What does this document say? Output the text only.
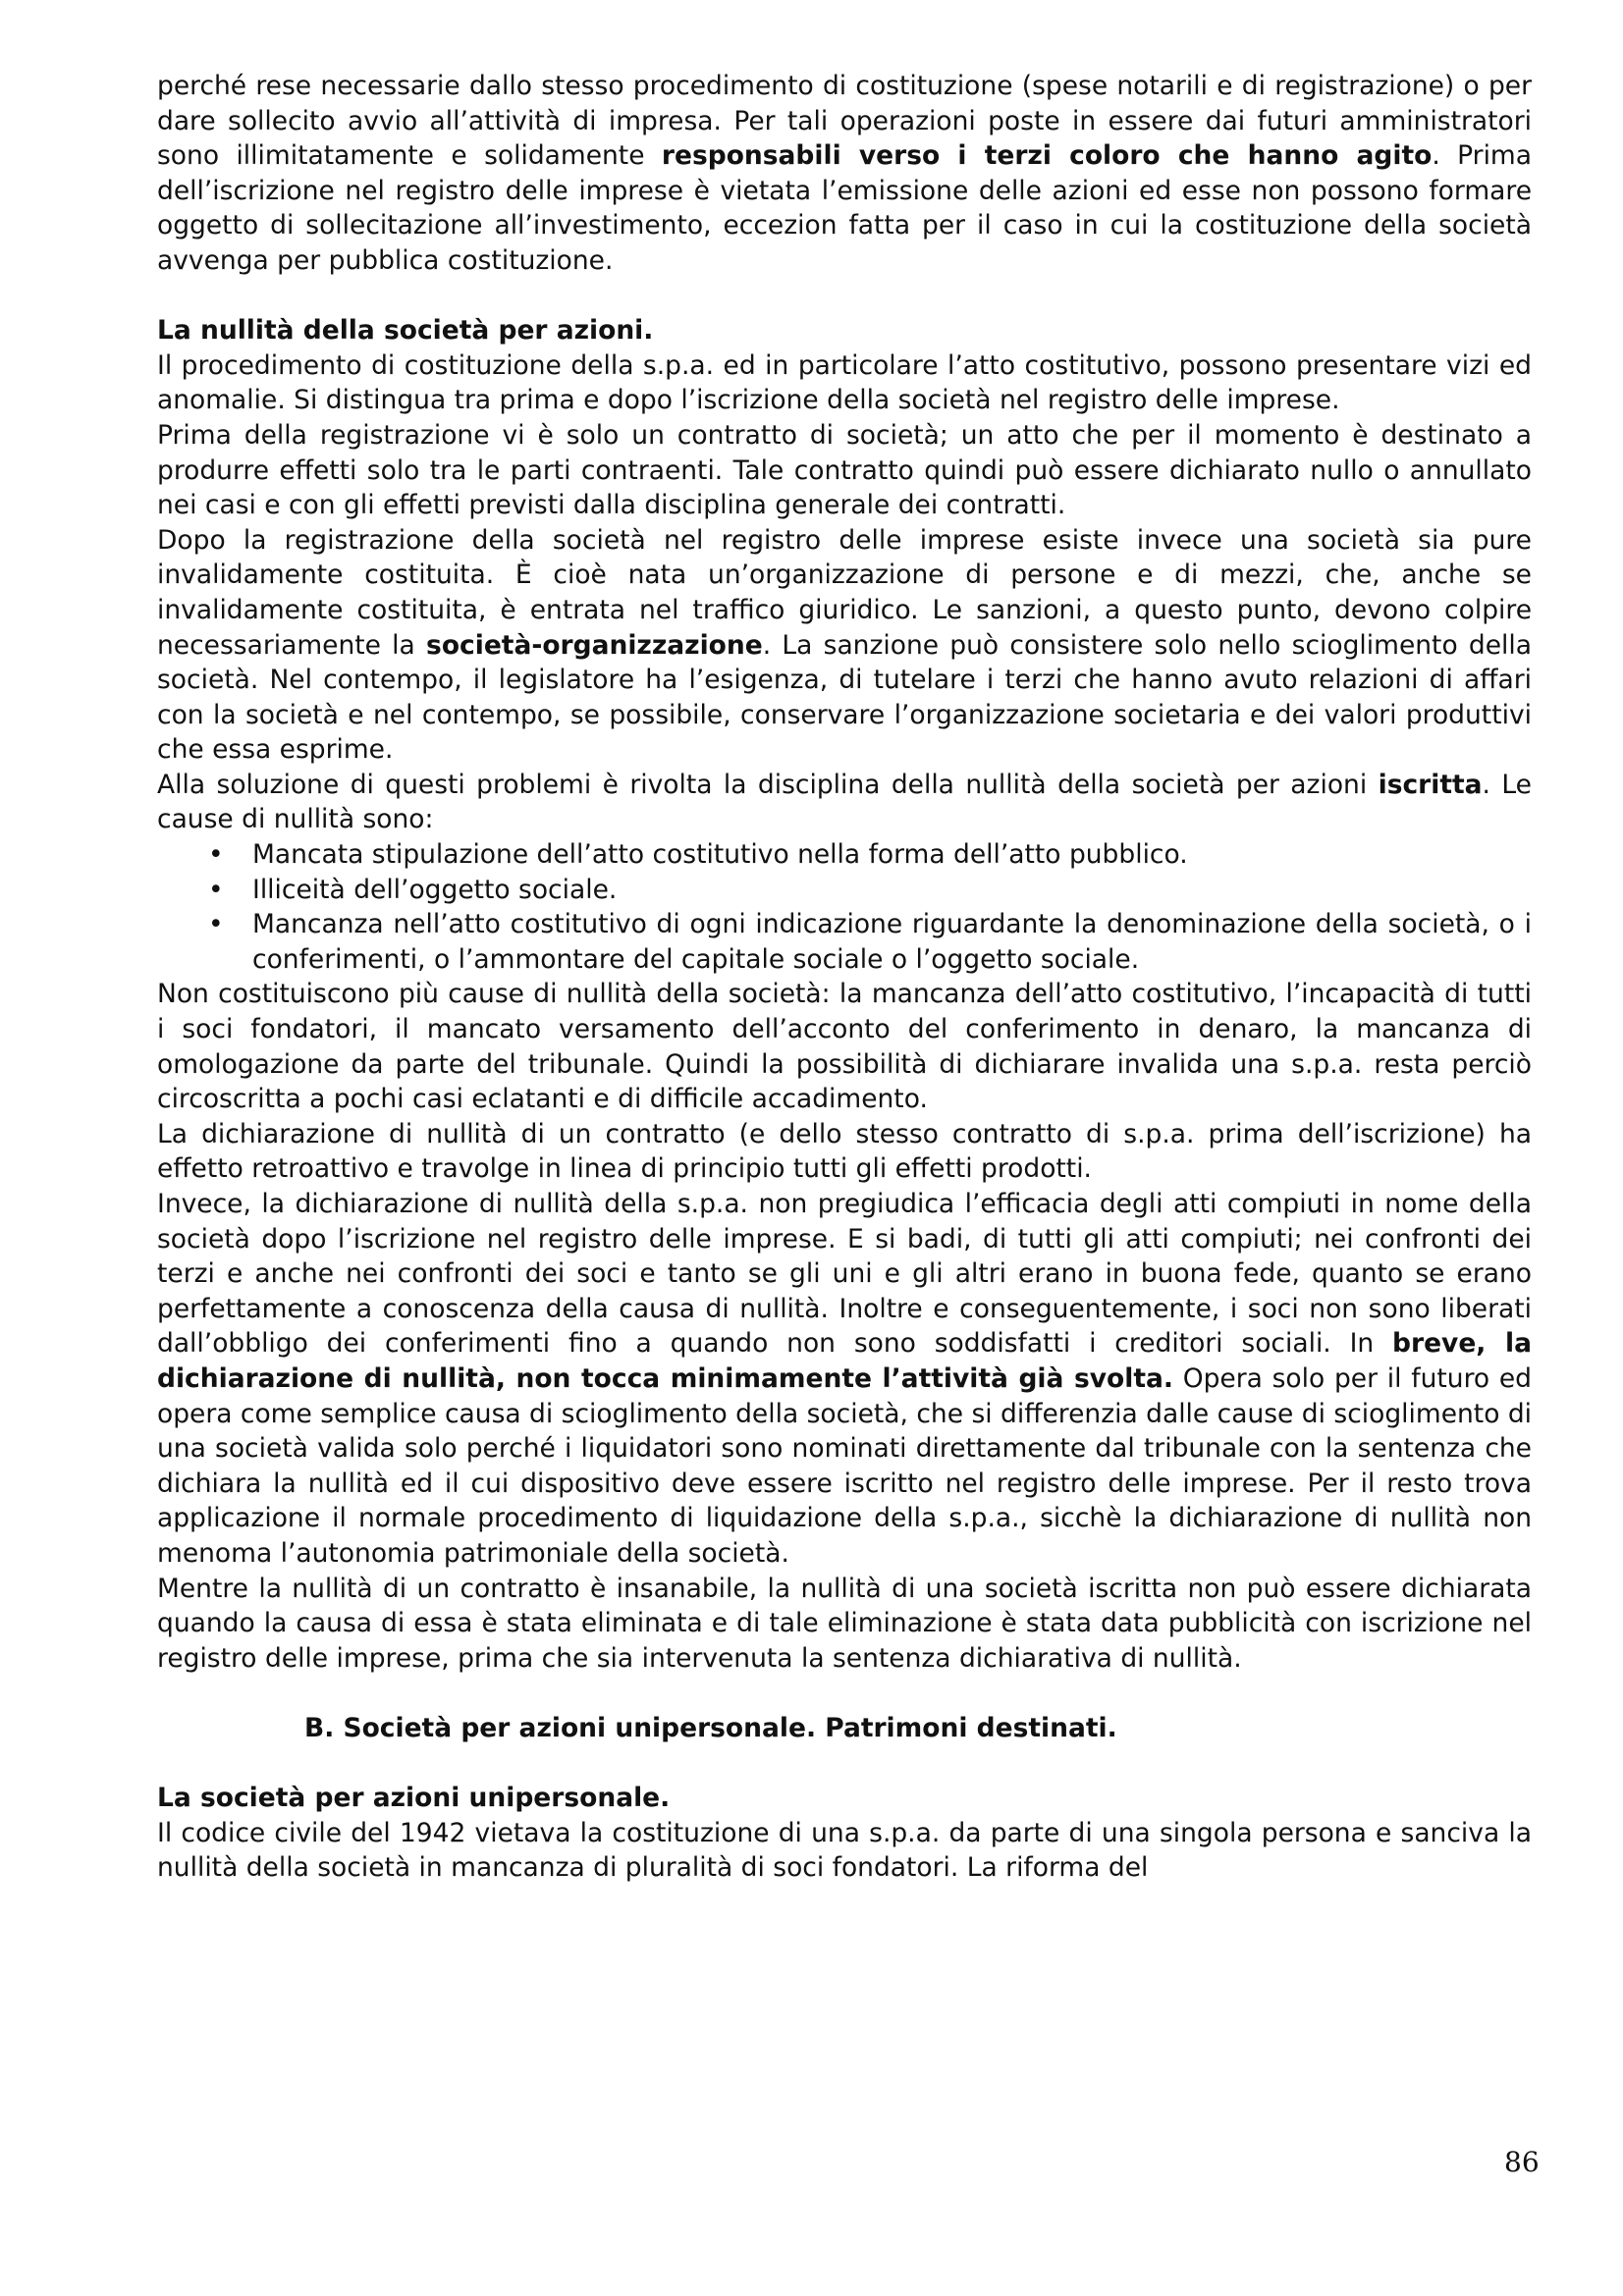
perché rese necessarie dallo stesso procedimento di costituzione (spese notarili e di registrazione) o per dare sollecito avvio all’attività di impresa. Per tali operazioni poste in essere dai futuri amministratori sono illimitatamente e solidamente responsabili verso i terzi coloro che hanno agito. Prima dell’iscrizione nel registro delle imprese è vietata l’emissione delle azioni ed esse non possono formare oggetto di sollecitazione all’investimento, eccezion fatta per il caso in cui la costituzione della società avvenga per pubblica costituzione.

La nullità della società per azioni.

Il procedimento di costituzione della s.p.a. ed in particolare l’atto costitutivo, possono presentare vizi ed anomalie. Si distingua tra prima e dopo l’iscrizione della società nel registro delle imprese.

Prima della registrazione vi è solo un contratto di società; un atto che per il momento è destinato a produrre effetti solo tra le parti contraenti. Tale contratto quindi può essere dichiarato nullo o annullato nei casi e con gli effetti previsti dalla disciplina generale dei contratti.

Dopo la registrazione della società nel registro delle imprese esiste invece una società sia pure invalidamente costituita. È cioè nata un’organizzazione di persone e di mezzi, che, anche se invalidamente costituita, è entrata nel traffico giuridico. Le sanzioni, a questo punto, devono colpire necessariamente la società-organizzazione. La sanzione può consistere solo nello scioglimento della società. Nel contempo, il legislatore ha l’esigenza, di tutelare i terzi che hanno avuto relazioni di affari con la società e nel contempo, se possibile, conservare l’organizzazione societaria e dei valori produttivi che essa esprime.

Alla soluzione di questi problemi è rivolta la disciplina della nullità della società per azioni iscritta. Le cause di nullità sono:

• Mancata stipulazione dell’atto costitutivo nella forma dell’atto pubblico.
• Illiceità dell’oggetto sociale.
• Mancanza nell’atto costitutivo di ogni indicazione riguardante la denominazione della società, o i conferimenti, o l’ammontare del capitale sociale o l’oggetto sociale.

Non costituiscono più cause di nullità della società: la mancanza dell’atto costitutivo, l’incapacità di tutti i soci fondatori, il mancato versamento dell’acconto del conferimento in denaro, la mancanza di omologazione da parte del tribunale. Quindi la possibilità di dichiarare invalida una s.p.a. resta perciò circoscritta a pochi casi eclatanti e di difficile accadimento.

La dichiarazione di nullità di un contratto (e dello stesso contratto di s.p.a. prima dell’iscrizione) ha effetto retroattivo e travolge in linea di principio tutti gli effetti prodotti.

Invece, la dichiarazione di nullità della s.p.a. non pregiudica l’efficacia degli atti compiuti in nome della società dopo l’iscrizione nel registro delle imprese. E si badi, di tutti gli atti compiuti; nei confronti dei terzi e anche nei confronti dei soci e tanto se gli uni e gli altri erano in buona fede, quanto se erano perfettamente a conoscenza della causa di nullità. Inoltre e conseguentemente, i soci non sono liberati dall’obbligo dei conferimenti fino a quando non sono soddisfatti i creditori sociali. In breve, la dichiarazione di nullità, non tocca minimamente l’attività già svolta. Opera solo per il futuro ed opera come semplice causa di scioglimento della società, che si differenzia dalle cause di scioglimento di una società valida solo perché i liquidatori sono nominati direttamente dal tribunale con la sentenza che dichiara la nullità ed il cui dispositivo deve essere iscritto nel registro delle imprese. Per il resto trova applicazione il normale procedimento di liquidazione della s.p.a., sicchè la dichiarazione di nullità non menoma l’autonomia patrimoniale della società.

Mentre la nullità di un contratto è insanabile, la nullità di una società iscritta non può essere dichiarata quando la causa di essa è stata eliminata e di tale eliminazione è stata data pubblicità con iscrizione nel registro delle imprese, prima che sia intervenuta la sentenza dichiarativa di nullità.

B. Società per azioni unipersonale. Patrimoni destinati.

La società per azioni unipersonale.

Il codice civile del 1942 vietava la costituzione di una s.p.a. da parte di una singola persona e sanciva la nullità della società in mancanza di pluralità di soci fondatori. La riforma del

86
